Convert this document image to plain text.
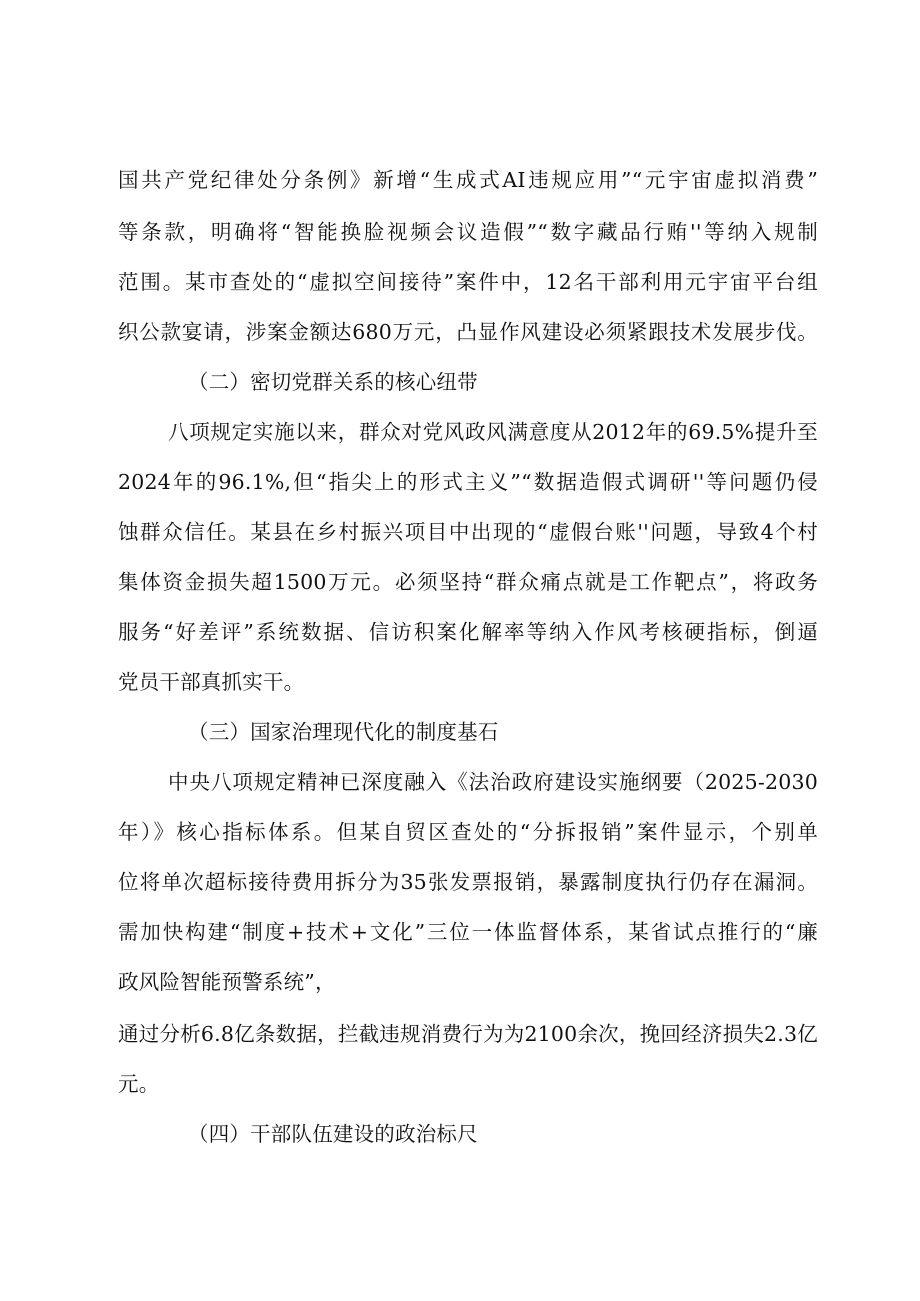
国共产党纪律处分条例》新增“生成式AI违规应用”“元宇宙虚拟消费”
等条款，明确将“智能换脸视频会议造假”“数字藏品行贿''等纳入规制
范围。某市查处的“虚拟空间接待”案件中，12名干部利用元宇宙平台组
织公款宴请，涉案金额达680万元，凸显作风建设必须紧跟技术发展步伐。
（二）密切党群关系的核心纽带
八项规定实施以来，群众对党风政风满意度从2012年的69.5%提升至
2024年的96.1%,但“指尖上的形式主义”“数据造假式调研''等问题仍侵
蚀群众信任。某县在乡村振兴项目中出现的“虚假台账''问题，导致4个村
集体资金损失超1500万元。必须坚持“群众痛点就是工作靶点”，将政务
服务“好差评”系统数据、信访积案化解率等纳入作风考核硬指标，倒逼
党员干部真抓实干。
（三）国家治理现代化的制度基石
中央八项规定精神已深度融入《法治政府建设实施纲要（2025-2030
年）》核心指标体系。但某自贸区查处的“分拆报销”案件显示，个别单
位将单次超标接待费用拆分为35张发票报销，暴露制度执行仍存在漏洞。
需加快构建“制度+技术+文化”三位一体监督体系，某省试点推行的“廉
政风险智能预警系统”，
通过分析6.8亿条数据，拦截违规消费行为为2100余次，挽回经济损失2.3亿
元。
（四）干部队伍建设的政治标尺
